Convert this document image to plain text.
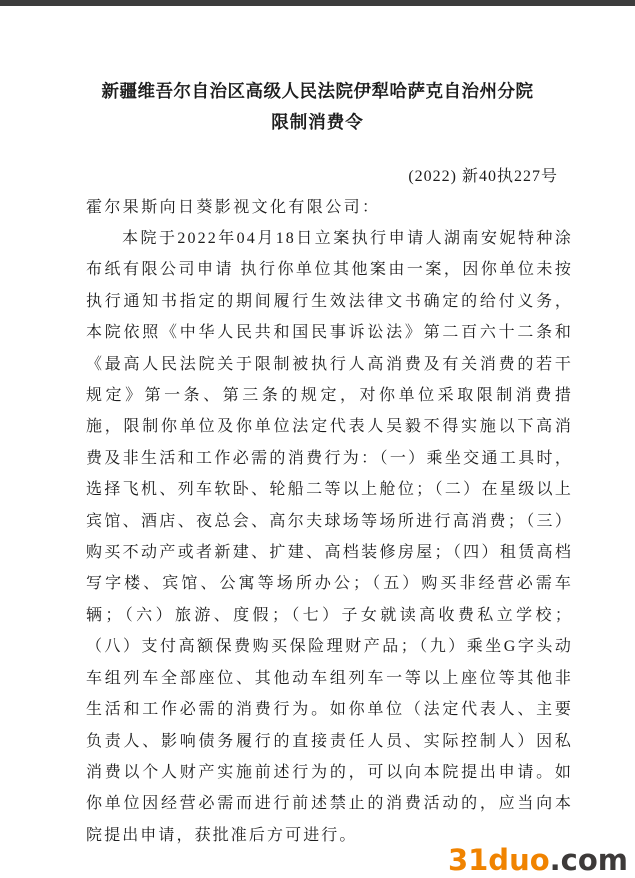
新疆维吾尔自治区高级人民法院伊犁哈萨克自治州分院
限制消费令
(2022) 新40执227号
霍尔果斯向日葵影视文化有限公司：

本院于2022年04月18日立案执行申请人湖南安妮特种涂布纸有限公司申请 执行你单位其他案由一案，因你单位未按执行通知书指定的期间履行生效法律文书确定的给付义务，本院依照《中华人民共和国民事诉讼法》第二百六十二条和《最高人民法院关于限制被执行人高消费及有关消费的若干规定》第一条、第三条的规定，对你单位采取限制消费措施，限制你单位及你单位法定代表人吴毅不得实施以下高消费及非生活和工作必需的消费行为：（一）乘坐交通工具时，选择飞机、列车软卧、轮船二等以上舱位；（二）在星级以上宾馆、酒店、夜总会、高尔夫球场等场所进行高消费；（三）购买不动产或者新建、扩建、高档装修房屋；（四）租赁高档写字楼、宾馆、公寓等场所办公；（五）购买非经营必需车辆；（六）旅游、度假；（七）子女就读高收费私立学校；（八）支付高额保费购买保险理财产品；（九）乘坐G字头动车组列车全部座位、其他动车组列车一等以上座位等其他非生活和工作必需的消费行为。如你单位（法定代表人、主要负责人、影响债务履行的直接责任人员、实际控制人）因私消费以个人财产实施前述行为的，可以向本院提出申请。如你单位因经营必需而进行前述禁止的消费活动的，应当向本院提出申请，获批准后方可进行。

31duo.com
